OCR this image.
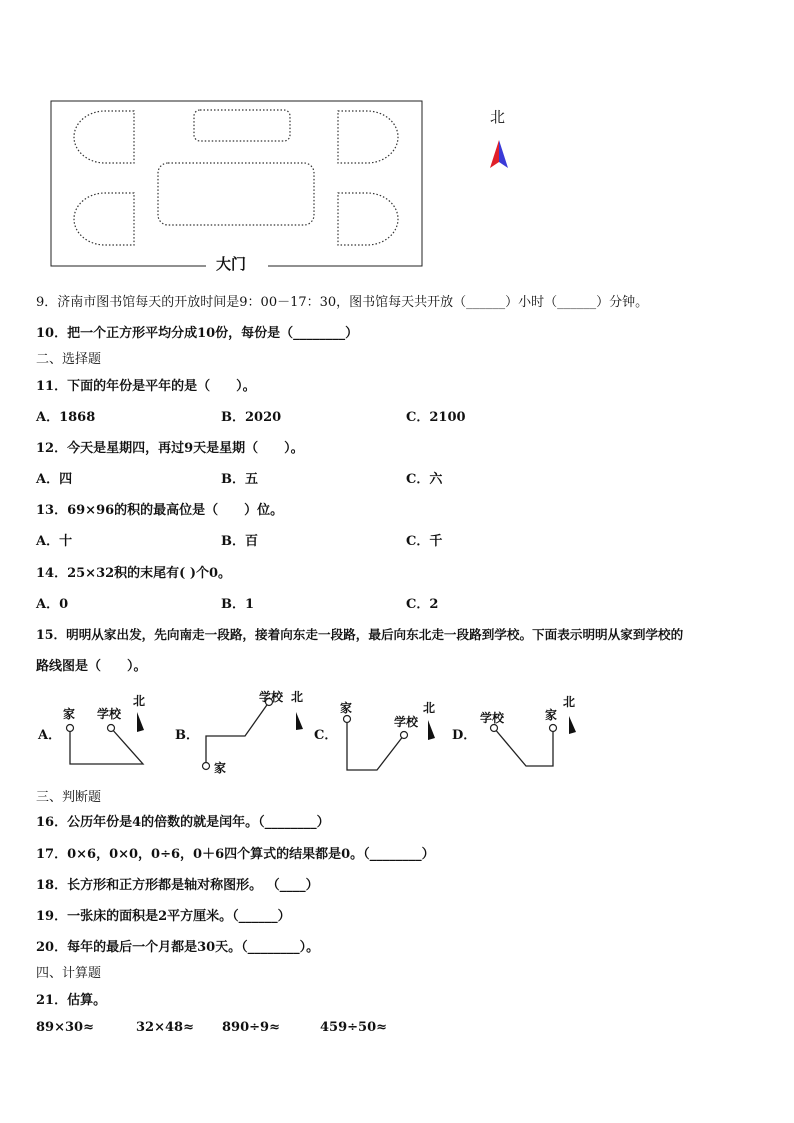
大门
北
9．济南市图书馆每天的开放时间是9：00－17：30，图书馆每天共开放（______）小时（______）分钟。
10．把一个正方形平均分成10份，每份是（________）
二、选择题
11．下面的年份是平年的是（　　）。
A．1868	B．2020	C．2100
12．今天是星期四，再过9天是星期（　　）。
A．四	B．五	C．六
13．69×96的积的最高位是（　　）位。
A．十	B．百	C．千
14．25×32积的末尾有( )个0。
A．0	B．1	C．2
15．明明从家出发，先向南走一段路，接着向东走一段路，最后向东北走一段路到学校。下面表示明明从家到学校的
路线图是（　　）。
A．	B．	C．	D．
家 学校
北
家
学校 北
家
学校
北
学校	家
北
三、判断题
16．公历年份是4的倍数的就是闰年。（________）
17．0×6，0×0，0÷6，0＋6四个算式的结果都是0。（________）
18．长方形和正方形都是轴对称图形。 （____）
19．一张床的面积是2平方厘米。（______）
20．每年的最后一个月都是30天。（________）。
四、计算题
21．估算。
89×30≈	32×48≈ 890÷9≈	459÷50≈
